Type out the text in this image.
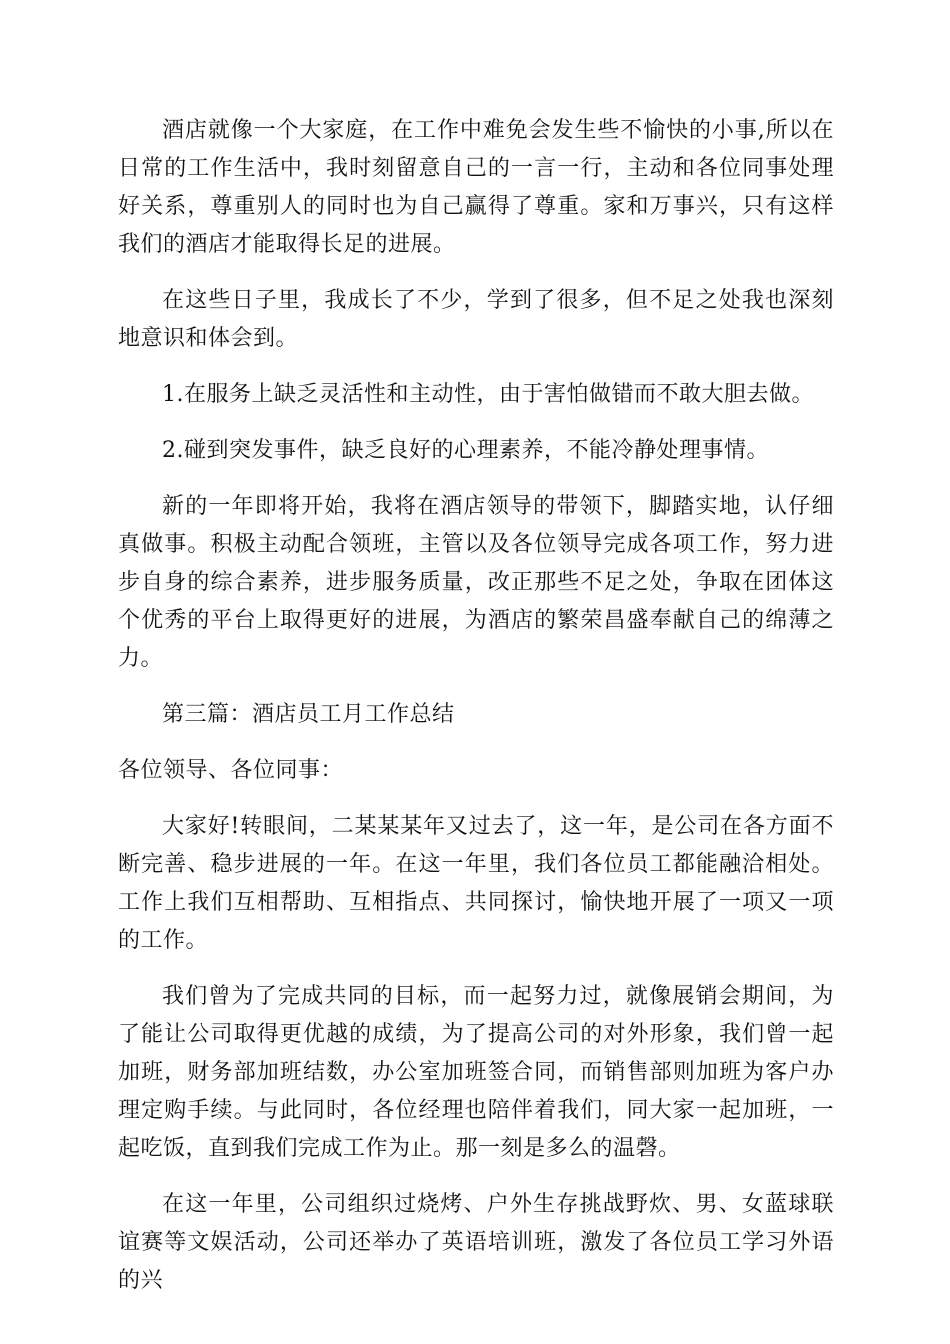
酒店就像一个大家庭，在工作中难免会发生些不愉快的小事,所以在日常的工作生活中，我时刻留意自己的一言一行，主动和各位同事处理好关系，尊重别人的同时也为自己赢得了尊重。家和万事兴，只有这样我们的酒店才能取得长足的进展。

在这些日子里，我成长了不少，学到了很多，但不足之处我也深刻地意识和体会到。

1.在服务上缺乏灵活性和主动性，由于害怕做错而不敢大胆去做。

2.碰到突发事件，缺乏良好的心理素养，不能冷静处理事情。

新的一年即将开始，我将在酒店领导的带领下，脚踏实地，认仔细真做事。积极主动配合领班，主管以及各位领导完成各项工作，努力进步自身的综合素养，进步服务质量，改正那些不足之处，争取在团体这个优秀的平台上取得更好的进展，为酒店的繁荣昌盛奉献自己的绵薄之力。

第三篇：酒店员工月工作总结

各位领导、各位同事：

大家好!转眼间，二某某某年又过去了，这一年，是公司在各方面不断完善、稳步进展的一年。在这一年里，我们各位员工都能融洽相处。工作上我们互相帮助、互相指点、共同探讨，愉快地开展了一项又一项的工作。

我们曾为了完成共同的目标，而一起努力过，就像展销会期间，为了能让公司取得更优越的成绩，为了提高公司的对外形象，我们曾一起加班，财务部加班结数，办公室加班签合同，而销售部则加班为客户办理定购手续。与此同时，各位经理也陪伴着我们，同大家一起加班，一起吃饭，直到我们完成工作为止。那一刻是多么的温磬。

在这一年里，公司组织过烧烤、户外生存挑战野炊、男、女蓝球联谊赛等文娱活动，公司还举办了英语培训班，激发了各位员工学习外语的兴
